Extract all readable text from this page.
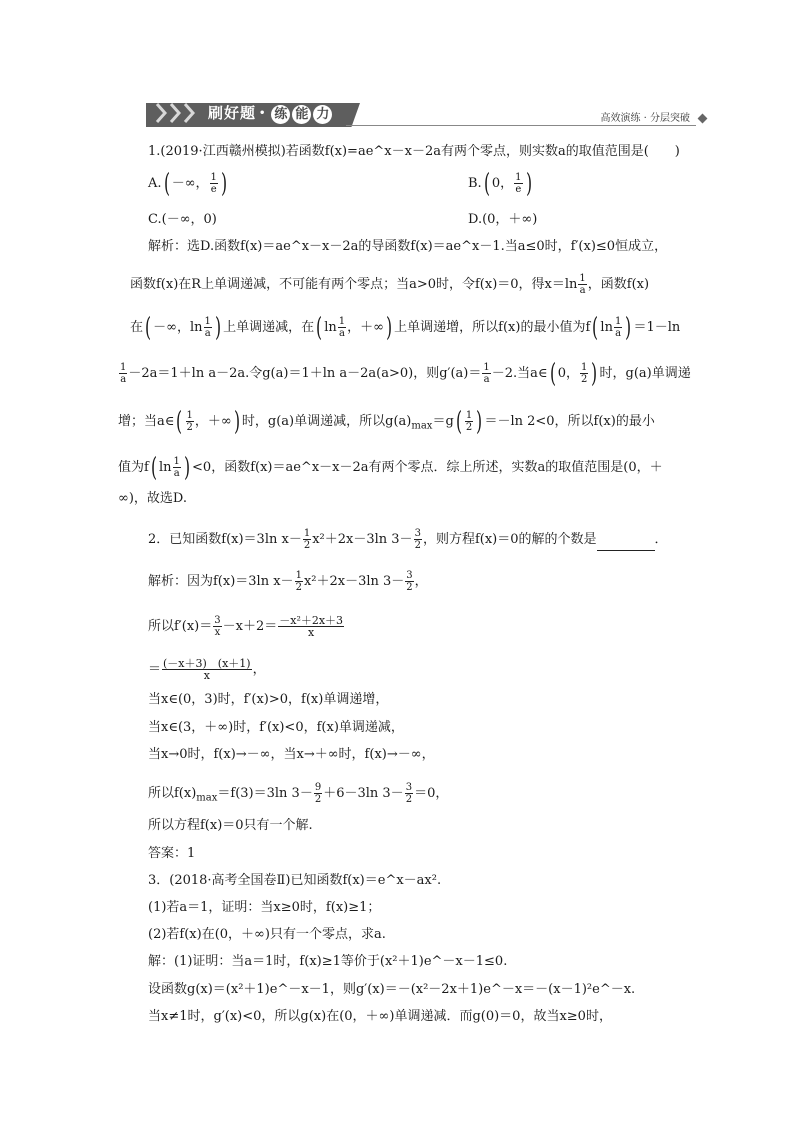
刷好题 • 练 能 力	高效演练 · 分层突破
1.(2019·江西赣州模拟)若函数f(x)=ae^x－x－2a有两个零点，则实数a的取值范围是(　　)
A.( －∞， $\frac{1}{e}$ )	B.( 0， $\frac{1}{e}$ )
C.(－∞，0)	D.(0，＋∞)
解析：选D.函数f(x)＝ae^x－x－2a的导函数f(x)＝ae^x－1.当a≤0时，f′(x)≤0恒成立，
函数f(x)在R上单调递减，不可能有两个零点；当a>0时，令f(x)＝0，得$x=\ln \frac{1}{a}$ ，函数f(x)
在( －∞，$\ln \frac{1}{a}$ ) 上单调递减，在( $\ln \frac{1}{a}$ ，＋∞) 上单调递增，所以f(x)的最小值为f( $\ln \frac{1}{a}$ ) ＝1－ln
$\frac{1}{a} -2a=1+\ln$ a－2a.令g(a)＝1＋ln a－2a(a>0)，则$g'(a)= \frac{1}{a} -2$.当a∈( 0， $\frac{1}{2}$ ) 时，g(a)单调递
增；当a∈( $\frac{1}{2}$ ，＋∞) 时，g(a)单调递减，所以$g(a)_{max}=g( \frac{1}{2}$ ) ＝－ln 2<0，所以f(x)的最小
值为f( $\ln \frac{1}{a}$ ) <0，函数f(x)＝ae^x－x－2a有两个零点．综上所述，实数a的取值范围是(0，＋
∞)，故选D.
2．已知函数f(x)＝3ln $x- \frac{1}{2} x^2+2x-3\ln$ $3- \frac{3}{2}$ ，则方程f(x)＝0的解的个数是	．
解析：因为f(x)＝3ln $x- \frac{1}{2} x^2+2x-3\ln$ $3- \frac{3}{2}$ ，
所以$f'(x)= \frac{3}{x} -x+2= \frac{\text{－x²＋2x＋3}}{x}$
＝ $\frac{(-x+3) (x+1)}{x}$ ，
当x∈(0，3)时，f′(x)>0，f(x)单调递增，
当x∈(3，＋∞)时，f′(x)<0，f(x)单调递减，
当x→0时，f(x)→－∞，当x→＋∞时，f(x)→－∞，
所以$f(x)_{max}=f(3)=3\ln$ $3- \frac{9}{2} +6-3\ln$ $3- \frac{3}{2} =0$，
所以方程f(x)＝0只有一个解.
答案：1
3．(2018·高考全国卷Ⅱ)已知函数f(x)＝e^x－ax².
(1)若a＝1，证明：当x≥0时，f(x)≥1；
(2)若f(x)在(0，＋∞)只有一个零点，求a.
解：(1)证明：当a＝1时，f(x)≥1等价于(x²＋1)e^－x－1≤0.
设函数g(x)＝(x²＋1)e^－x－1，则g′(x)＝－(x²－2x＋1)e^－x＝－(x－1)²e^－x.
当x≠1时，g′(x)<0，所以g(x)在(0，＋∞)单调递减．而g(0)＝0，故当x≥0时，
